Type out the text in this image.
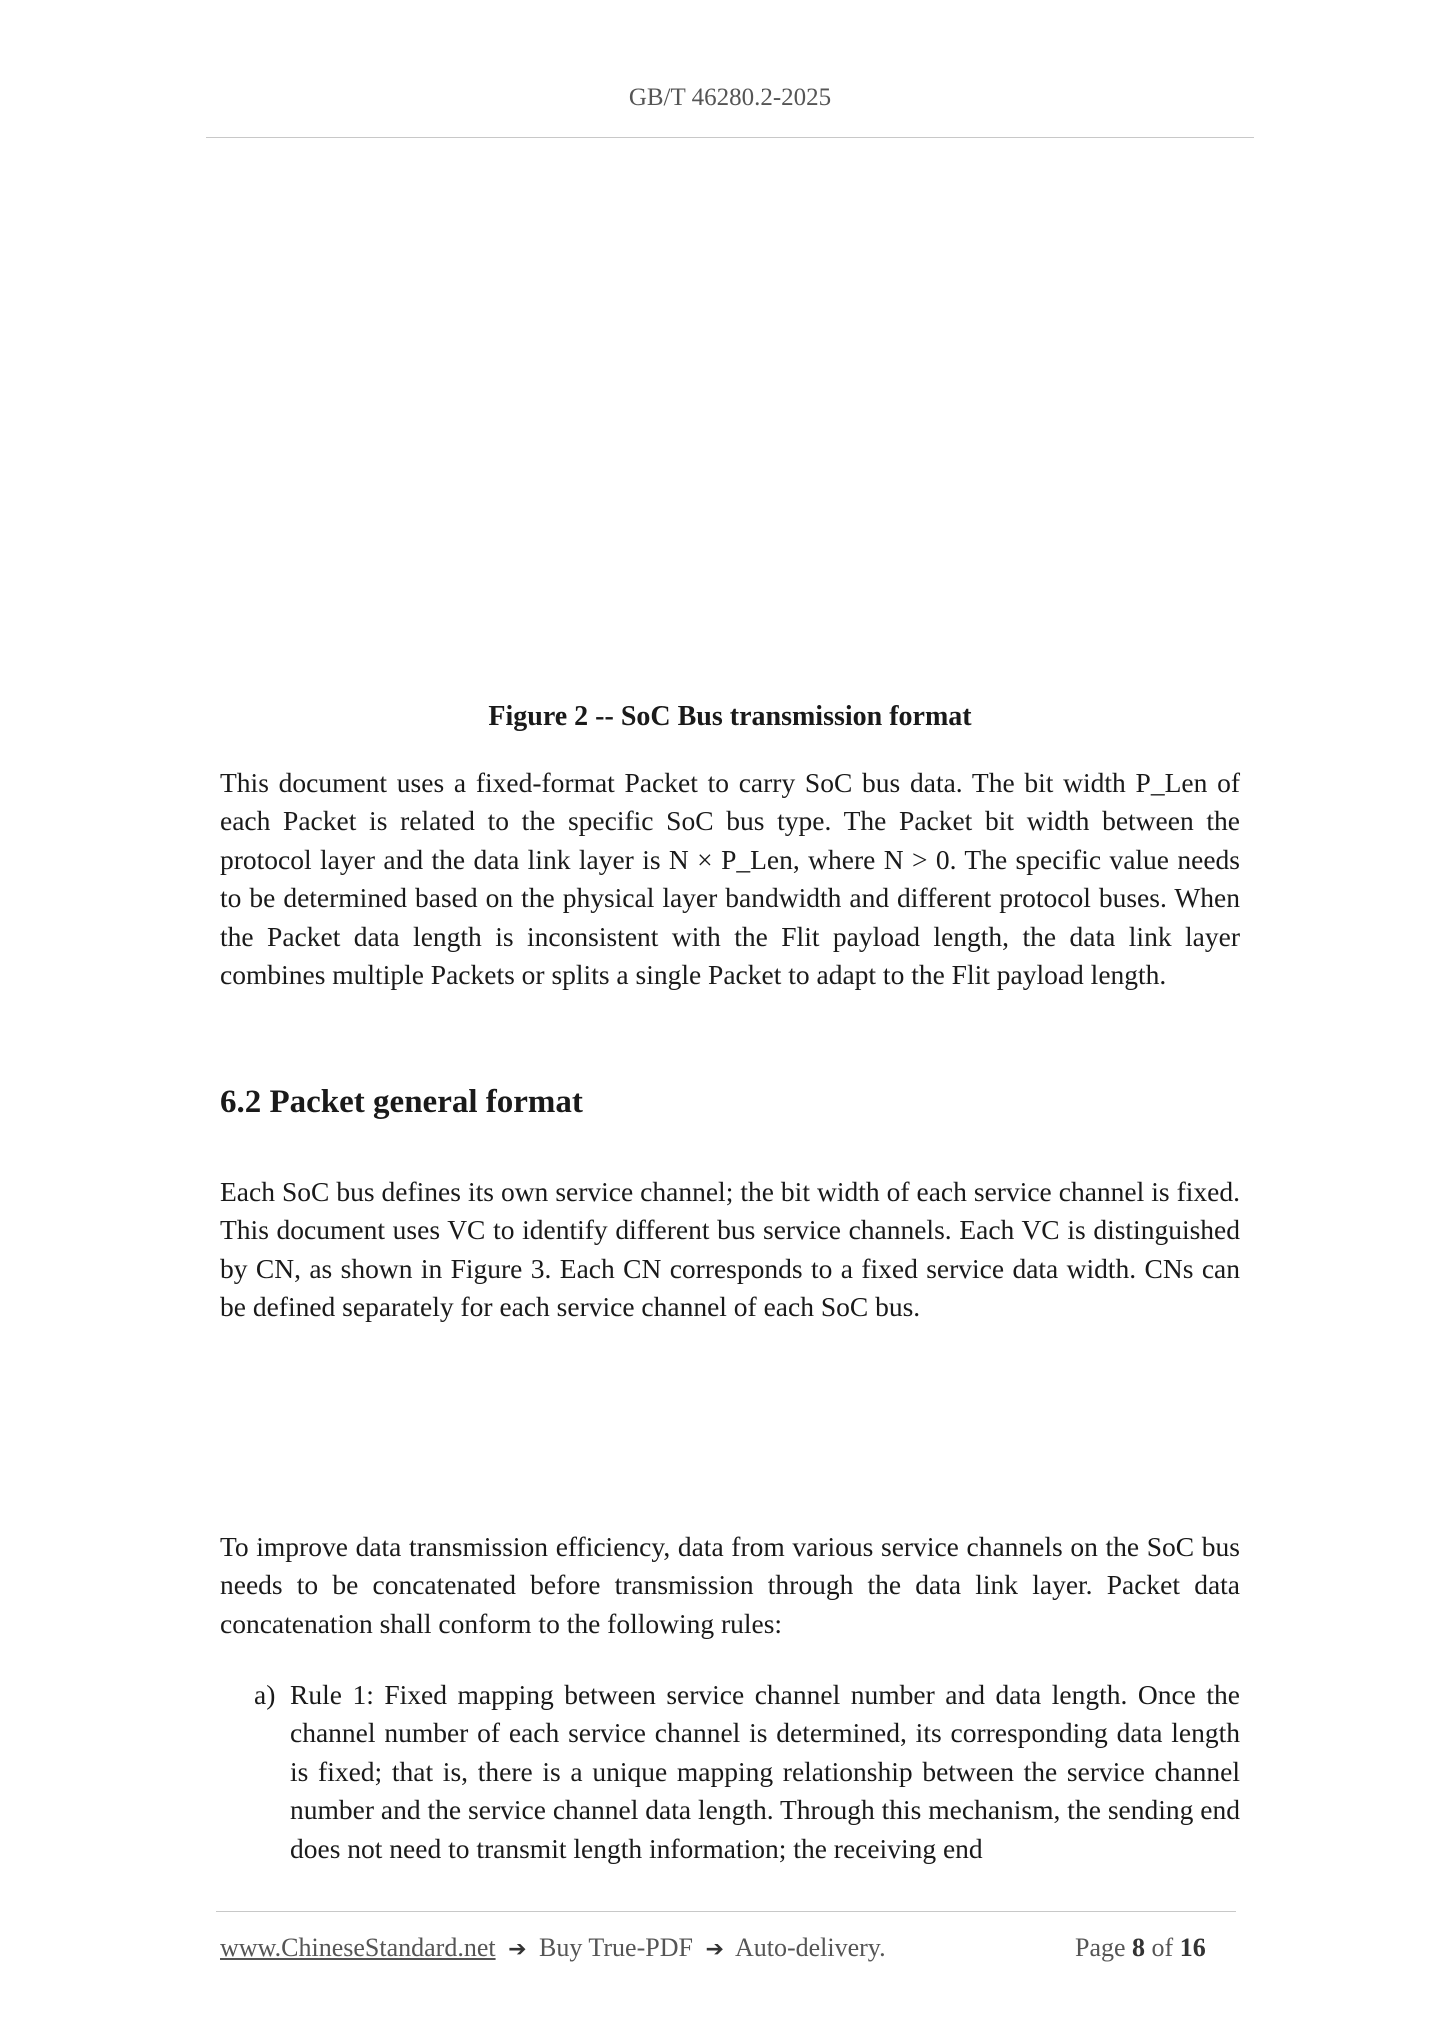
GB/T 46280.2-2025
Figure 2 -- SoC Bus transmission format

This document uses a fixed-format Packet to carry SoC bus data. The bit width P_Len of each Packet is related to the specific SoC bus type. The Packet bit width between the protocol layer and the data link layer is N × P_Len, where N > 0. The specific value needs to be determined based on the physical layer bandwidth and different protocol buses. When the Packet data length is inconsistent with the Flit payload length, the data link layer combines multiple Packets or splits a single Packet to adapt to the Flit payload length.

6.2 Packet general format

Each SoC bus defines its own service channel; the bit width of each service channel is fixed. This document uses VC to identify different bus service channels. Each VC is distinguished by CN, as shown in Figure 3. Each CN corresponds to a fixed service data width. CNs can be defined separately for each service channel of each SoC bus.

To improve data transmission efficiency, data from various service channels on the SoC bus needs to be concatenated before transmission through the data link layer. Packet data concatenation shall conform to the following rules:

a) Rule 1: Fixed mapping between service channel number and data length. Once the channel number of each service channel is determined, its corresponding data length is fixed; that is, there is a unique mapping relationship between the service channel number and the service channel data length. Through this mechanism, the sending end does not need to transmit length information; the receiving end
www.ChineseStandard.net ➔ Buy True-PDF ➔ Auto-delivery.	Page 8 of 16
